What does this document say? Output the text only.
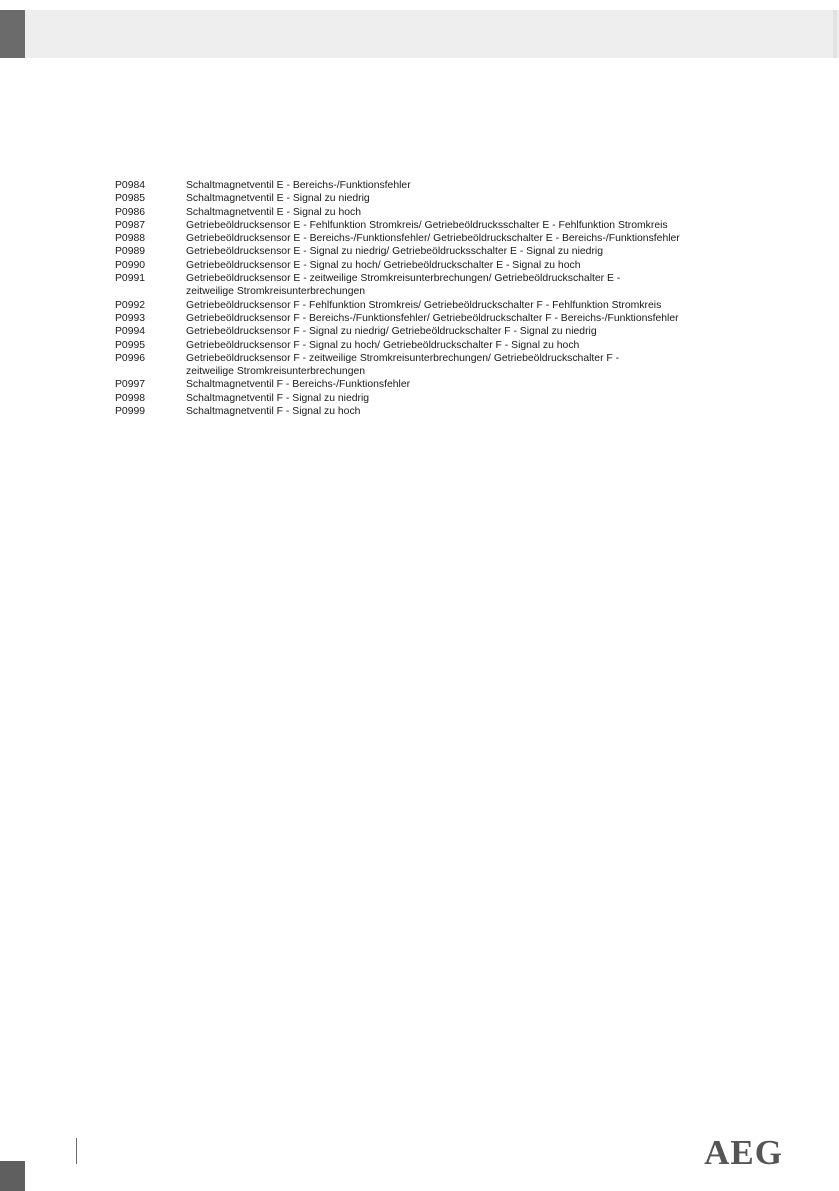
P0984	Schaltmagnetventil E - Bereichs-/Funktionsfehler
P0985	Schaltmagnetventil E - Signal zu niedrig
P0986	Schaltmagnetventil E - Signal zu hoch
P0987	Getriebeöldrucksensor E - Fehlfunktion Stromkreis/ Getriebeöldrucksschalter E - Fehlfunktion Stromkreis
P0988	Getriebeöldrucksensor E - Bereichs-/Funktionsfehler/ Getriebeöldruckschalter E - Bereichs-/Funktionsfehler
P0989	Getriebeöldrucksensor E - Signal zu niedrig/ Getriebeöldrucksschalter E - Signal zu niedrig
P0990	Getriebeöldrucksensor E - Signal zu hoch/ Getriebeöldruckschalter E - Signal zu hoch
P0991	Getriebeöldrucksensor E - zeitweilige Stromkreisunterbrechungen/ Getriebeöldruckschalter E -
zeitweilige Stromkreisunterbrechungen
P0992	Getriebeöldrucksensor F - Fehlfunktion Stromkreis/ Getriebeöldruckschalter F - Fehlfunktion Stromkreis
P0993	Getriebeöldrucksensor F - Bereichs-/Funktionsfehler/ Getriebeöldruckschalter F - Bereichs-/Funktionsfehler
P0994	Getriebeöldrucksensor F - Signal zu niedrig/ Getriebeöldruckschalter F - Signal zu niedrig
P0995	Getriebeöldrucksensor F - Signal zu hoch/ Getriebeöldruckschalter F - Signal zu hoch
P0996	Getriebeöldrucksensor F - zeitweilige Stromkreisunterbrechungen/ Getriebeöldruckschalter F -
zeitweilige Stromkreisunterbrechungen
P0997	Schaltmagnetventil F - Bereichs-/Funktionsfehler
P0998	Schaltmagnetventil F - Signal zu niedrig
P0999	Schaltmagnetventil F - Signal zu hoch
AEG
